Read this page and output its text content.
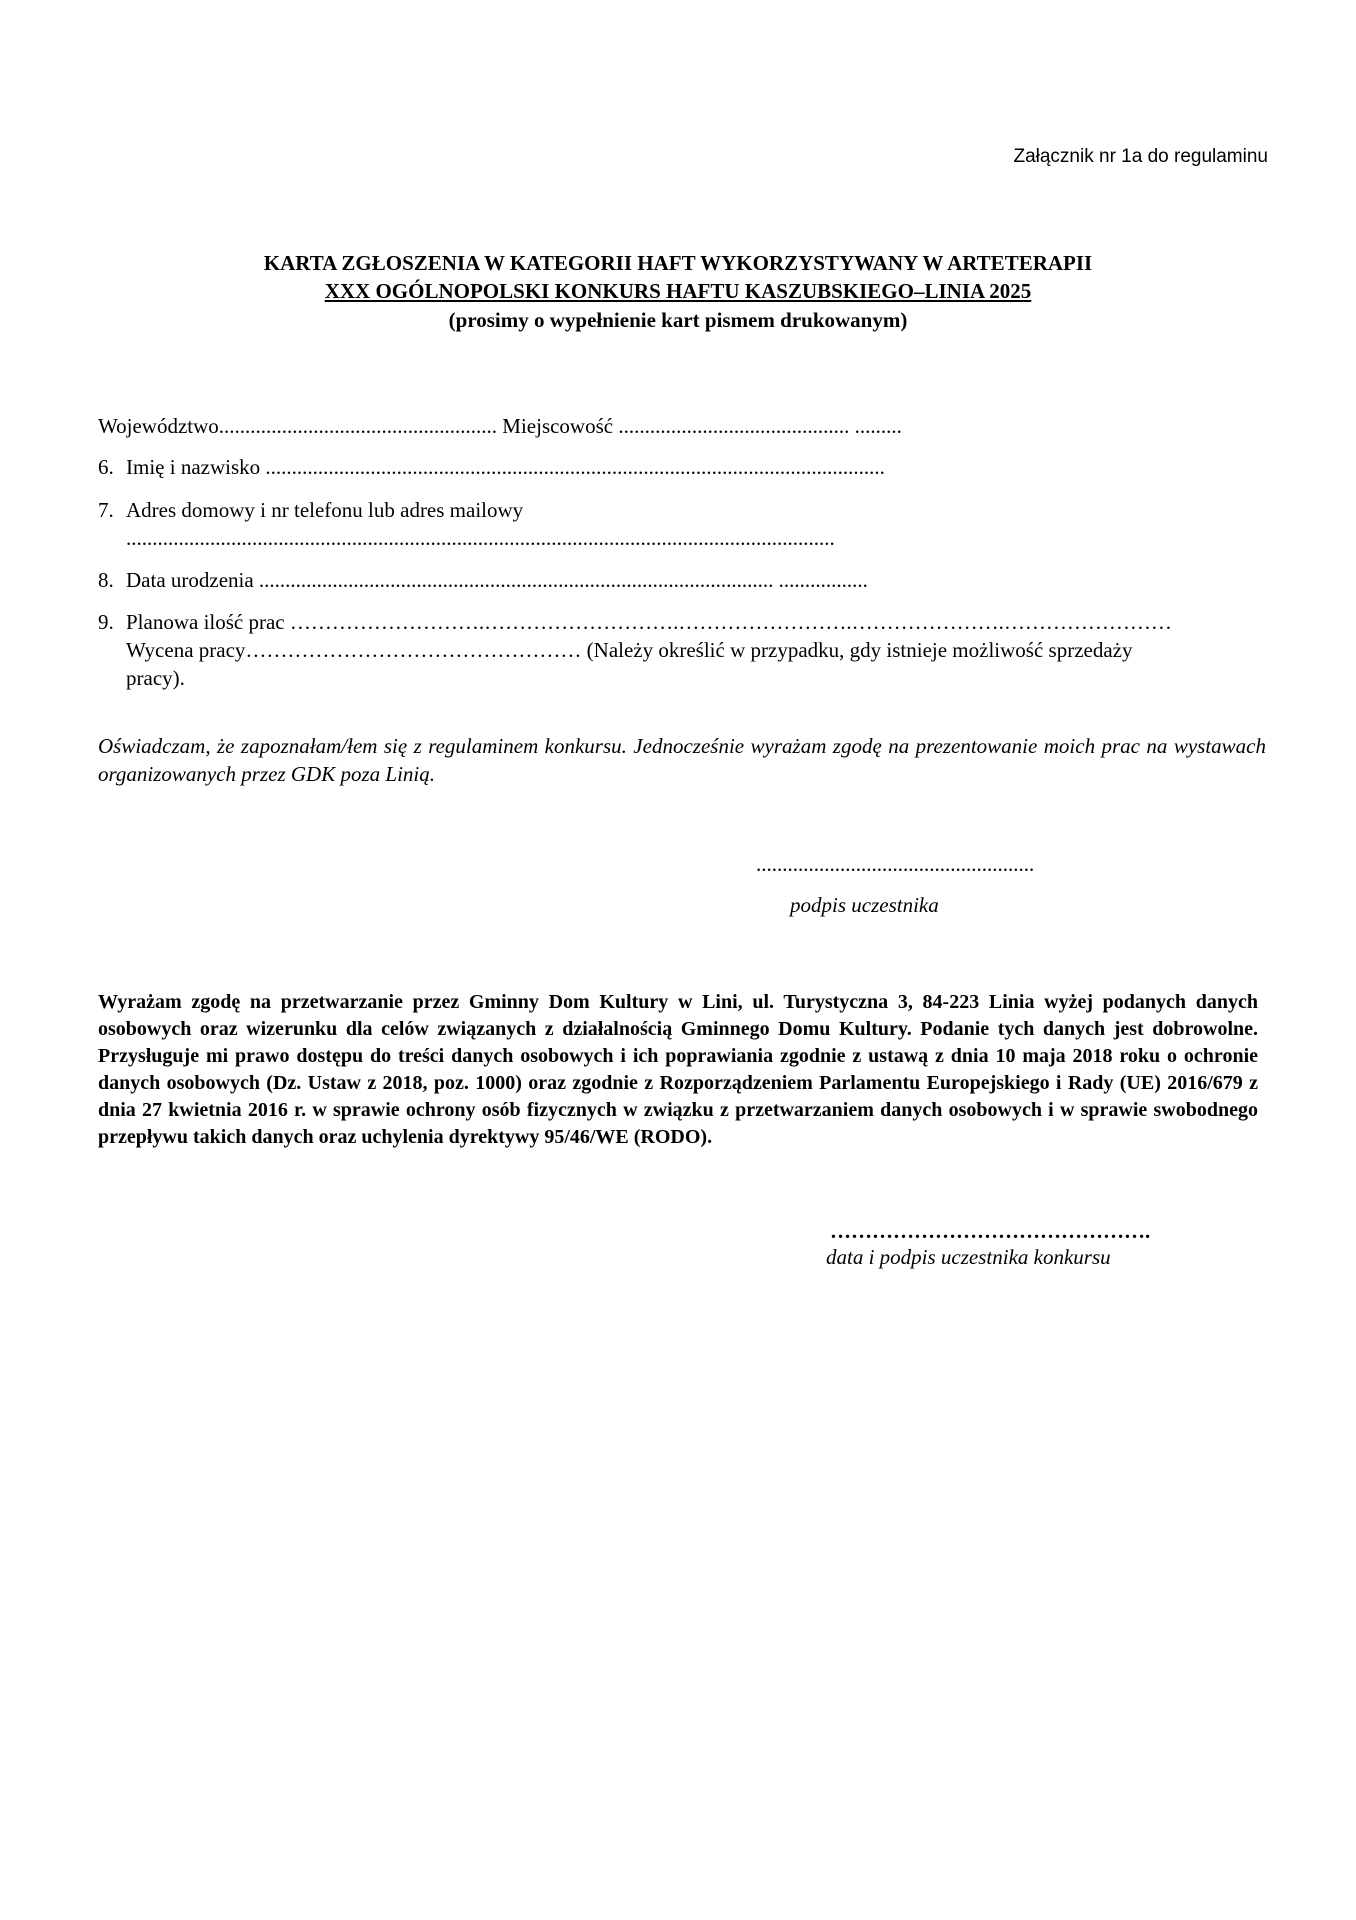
Załącznik nr 1a do regulaminu

KARTA ZGŁOSZENIA W KATEGORII HAFT WYKORZYSTYWANY W ARTETERAPII

XXX OGÓLNOPOLSKI KONKURS HAFTU KASZUBSKIEGO–LINIA 2025

(prosimy o wypełnienie kart pismem drukowanym)

Województwo..................................................... Miejscowość ............................................ .........

6. Imię i nazwisko ......................................................................................................................

7. Adres domowy i nr telefonu lub adres mailowy

.......................................................................................................................................

8. Data urodzenia .................................................................................................. .................

9. Planowa ilość prac ……………………….……………………….…………………….………………….……………………

Wycena pracy………………………………………… (Należy określić w przypadku, gdy istnieje możliwość sprzedaży

pracy).

Oświadczam, że zapoznałam/łem się z regulaminem konkursu. Jednocześnie wyrażam zgodę na prezentowanie moich prac na wystawach organizowanych przez GDK poza Linią.

.....................................................

podpis uczestnika

Wyrażam zgodę na przetwarzanie przez Gminny Dom Kultury w Lini, ul. Turystyczna 3, 84-223 Linia wyżej podanych danych osobowych oraz wizerunku dla celów związanych z działalnością Gminnego Domu Kultury. Podanie tych danych jest dobrowolne. Przysługuje mi prawo dostępu do treści danych osobowych i ich poprawiania zgodnie z ustawą z dnia 10 maja 2018 roku o ochronie danych osobowych (Dz. Ustaw z 2018, poz. 1000) oraz zgodnie z Rozporządzeniem Parlamentu Europejskiego i Rady (UE) 2016/679 z dnia 27 kwietnia 2016 r. w sprawie ochrony osób fizycznych w związku z przetwarzaniem danych osobowych i w sprawie swobodnego przepływu takich danych oraz uchylenia dyrektywy 95/46/WE (RODO).

……………………………………….

data i podpis uczestnika konkursu
